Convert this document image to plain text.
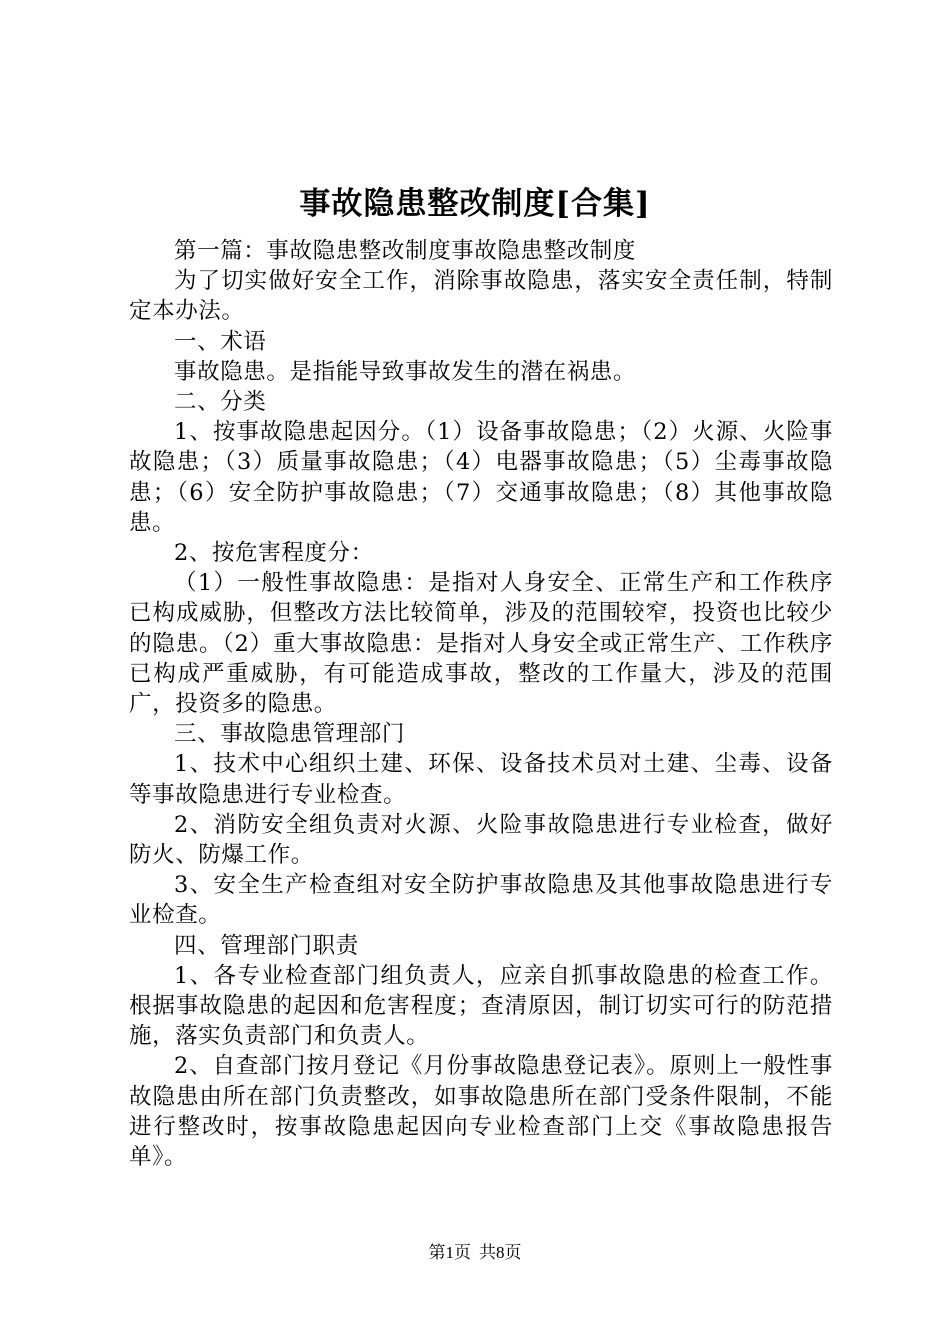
事故隐患整改制度[合集]

第一篇：事故隐患整改制度事故隐患整改制度

为了切实做好安全工作，消除事故隐患，落实安全责任制，特制定本办法。

一、术语

事故隐患。是指能导致事故发生的潜在祸患。

二、分类

1、按事故隐患起因分。（1）设备事故隐患；（2）火源、火险事故隐患；（3）质量事故隐患；（4）电器事故隐患；（5）尘毒事故隐患；（6）安全防护事故隐患；（7）交通事故隐患；（8）其他事故隐患。

2、按危害程度分：

（1）一般性事故隐患：是指对人身安全、正常生产和工作秩序已构成威胁，但整改方法比较简单，涉及的范围较窄，投资也比较少的隐患。（2）重大事故隐患：是指对人身安全或正常生产、工作秩序已构成严重威胁，有可能造成事故，整改的工作量大，涉及的范围广，投资多的隐患。

三、事故隐患管理部门

1、技术中心组织土建、环保、设备技术员对土建、尘毒、设备等事故隐患进行专业检查。

2、消防安全组负责对火源、火险事故隐患进行专业检查，做好防火、防爆工作。

3、安全生产检查组对安全防护事故隐患及其他事故隐患进行专业检查。

四、管理部门职责

1、各专业检查部门组负责人，应亲自抓事故隐患的检查工作。根据事故隐患的起因和危害程度；查清原因，制订切实可行的防范措施，落实负责部门和负责人。

2、自查部门按月登记《月份事故隐患登记表》。原则上一般性事故隐患由所在部门负责整改，如事故隐患所在部门受条件限制，不能进行整改时，按事故隐患起因向专业检查部门上交《事故隐患报告单》。

第1页 共8页
